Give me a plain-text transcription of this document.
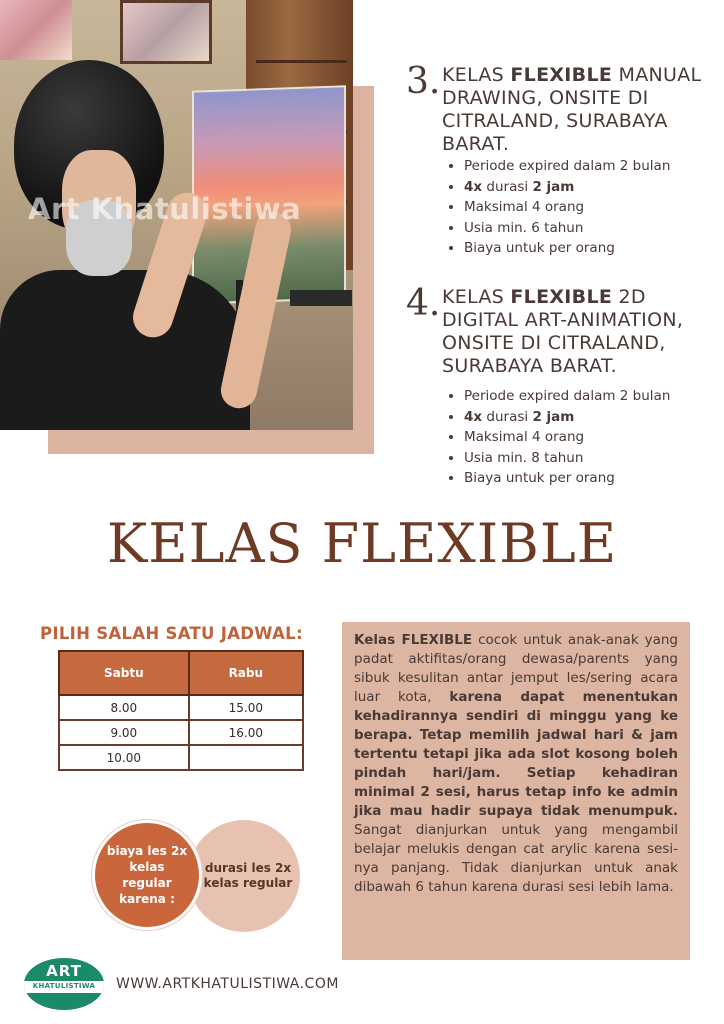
Art Khatulistiwa
3. KELAS FLEXIBLE MANUAL DRAWING, ONSITE DI CITRALAND, SURABAYA BARAT.
• Periode expired dalam 2 bulan
• 4x durasi 2 jam
• Maksimal 4 orang
• Usia min. 6 tahun
• Biaya untuk per orang
4. KELAS FLEXIBLE 2D DIGITAL ART-ANIMATION, ONSITE DI CITRALAND, SURABAYA BARAT.
• Periode expired dalam 2 bulan
• 4x durasi 2 jam
• Maksimal 4 orang
• Usia min. 8 tahun
• Biaya untuk per orang
KELAS FLEXIBLE
PILIH SALAH SATU JADWAL:
Sabtu	Rabu
8.00	15.00
9.00	16.00
10.00	
durasi les 2x kelas regular
biaya les 2x kelas regular karena :
Kelas FLEXIBLE cocok untuk anak-anak yang padat aktifitas/orang dewasa/parents yang sibuk kesulitan antar jemput les/sering acara luar kota, karena dapat menentukan kehadirannya sendiri di minggu yang ke berapa. Tetap memilih jadwal hari & jam tertentu tetapi jika ada slot kosong boleh pindah hari/jam. Setiap kehadiran minimal 2 sesi, harus tetap info ke admin jika mau hadir supaya tidak menumpuk. Sangat dianjurkan untuk yang mengambil belajar melukis dengan cat arylic karena sesi-nya panjang. Tidak dianjurkan untuk anak dibawah 6 tahun karena durasi sesi lebih lama.
ART
KHATULISTIWA	WWW.ARTKHATULISTIWA.COM
